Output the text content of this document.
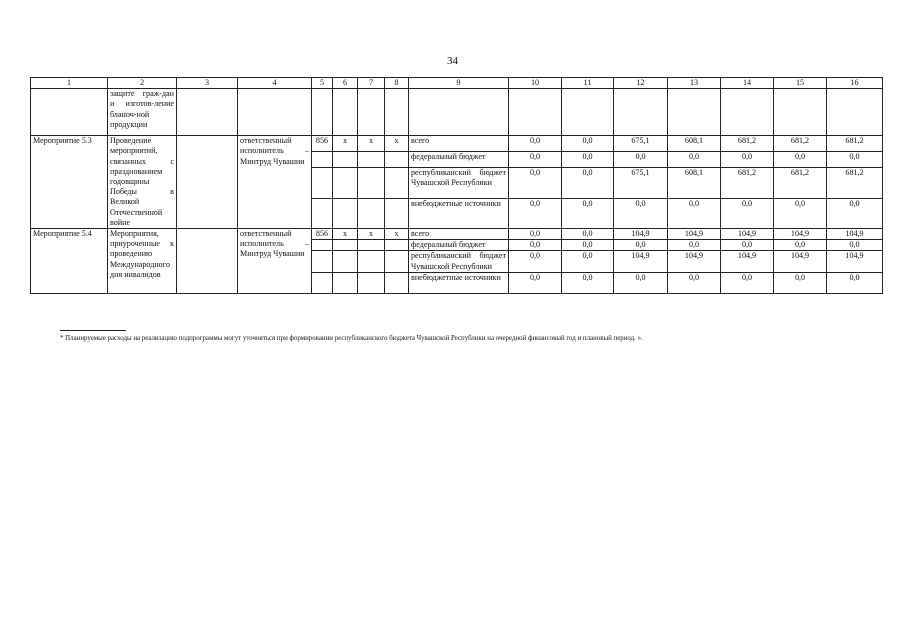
34
1	2	3	4	5	6	7	8	9	10	11	12	13	14	15	16
	защите граж-дан и изготов-ление бланоч-ной продукции														
Мероприятие 5.3	Проведение мероприятий, связанных с празднованием годовщины Победы в Великой Отечественной войне		ответственный исполнитель – Минтруд Чувашии	856	x	x	x	всего	0,0	0,0	675,1	608,1	681,2	681,2	681,2
								федеральный бюджет	0,0	0,0	0,0	0,0	0,0	0,0	0,0
								республиканский бюджет Чувашской Республики	0,0	0,0	675,1	608,1	681,2	681,2	681,2
								внебюджетные источники	0,0	0,0	0,0	0,0	0,0	0,0	0,0
Мероприятие 5.4	Мероприятия, приуроченные к проведению Международного дня инвалидов		ответственный исполнитель – Минтруд Чувашии	856	x	x	x	всего	0,0	0,0	104,9	104,9	104,9	104,9	104,9
								федеральный бюджет	0,0	0,0	0,0	0,0	0,0	0,0	0,0
								республиканский бюджет Чувашской Республики	0,0	0,0	104,9	104,9	104,9	104,9	104,9
								внебюджетные источники	0,0	0,0	0,0	0,0	0,0	0,0	0,0
* Планируемые расходы на реализацию подпрограммы могут уточняться при формировании республиканского бюджета Чувашской Республики на очередной финансовый год и плановый период. ».
